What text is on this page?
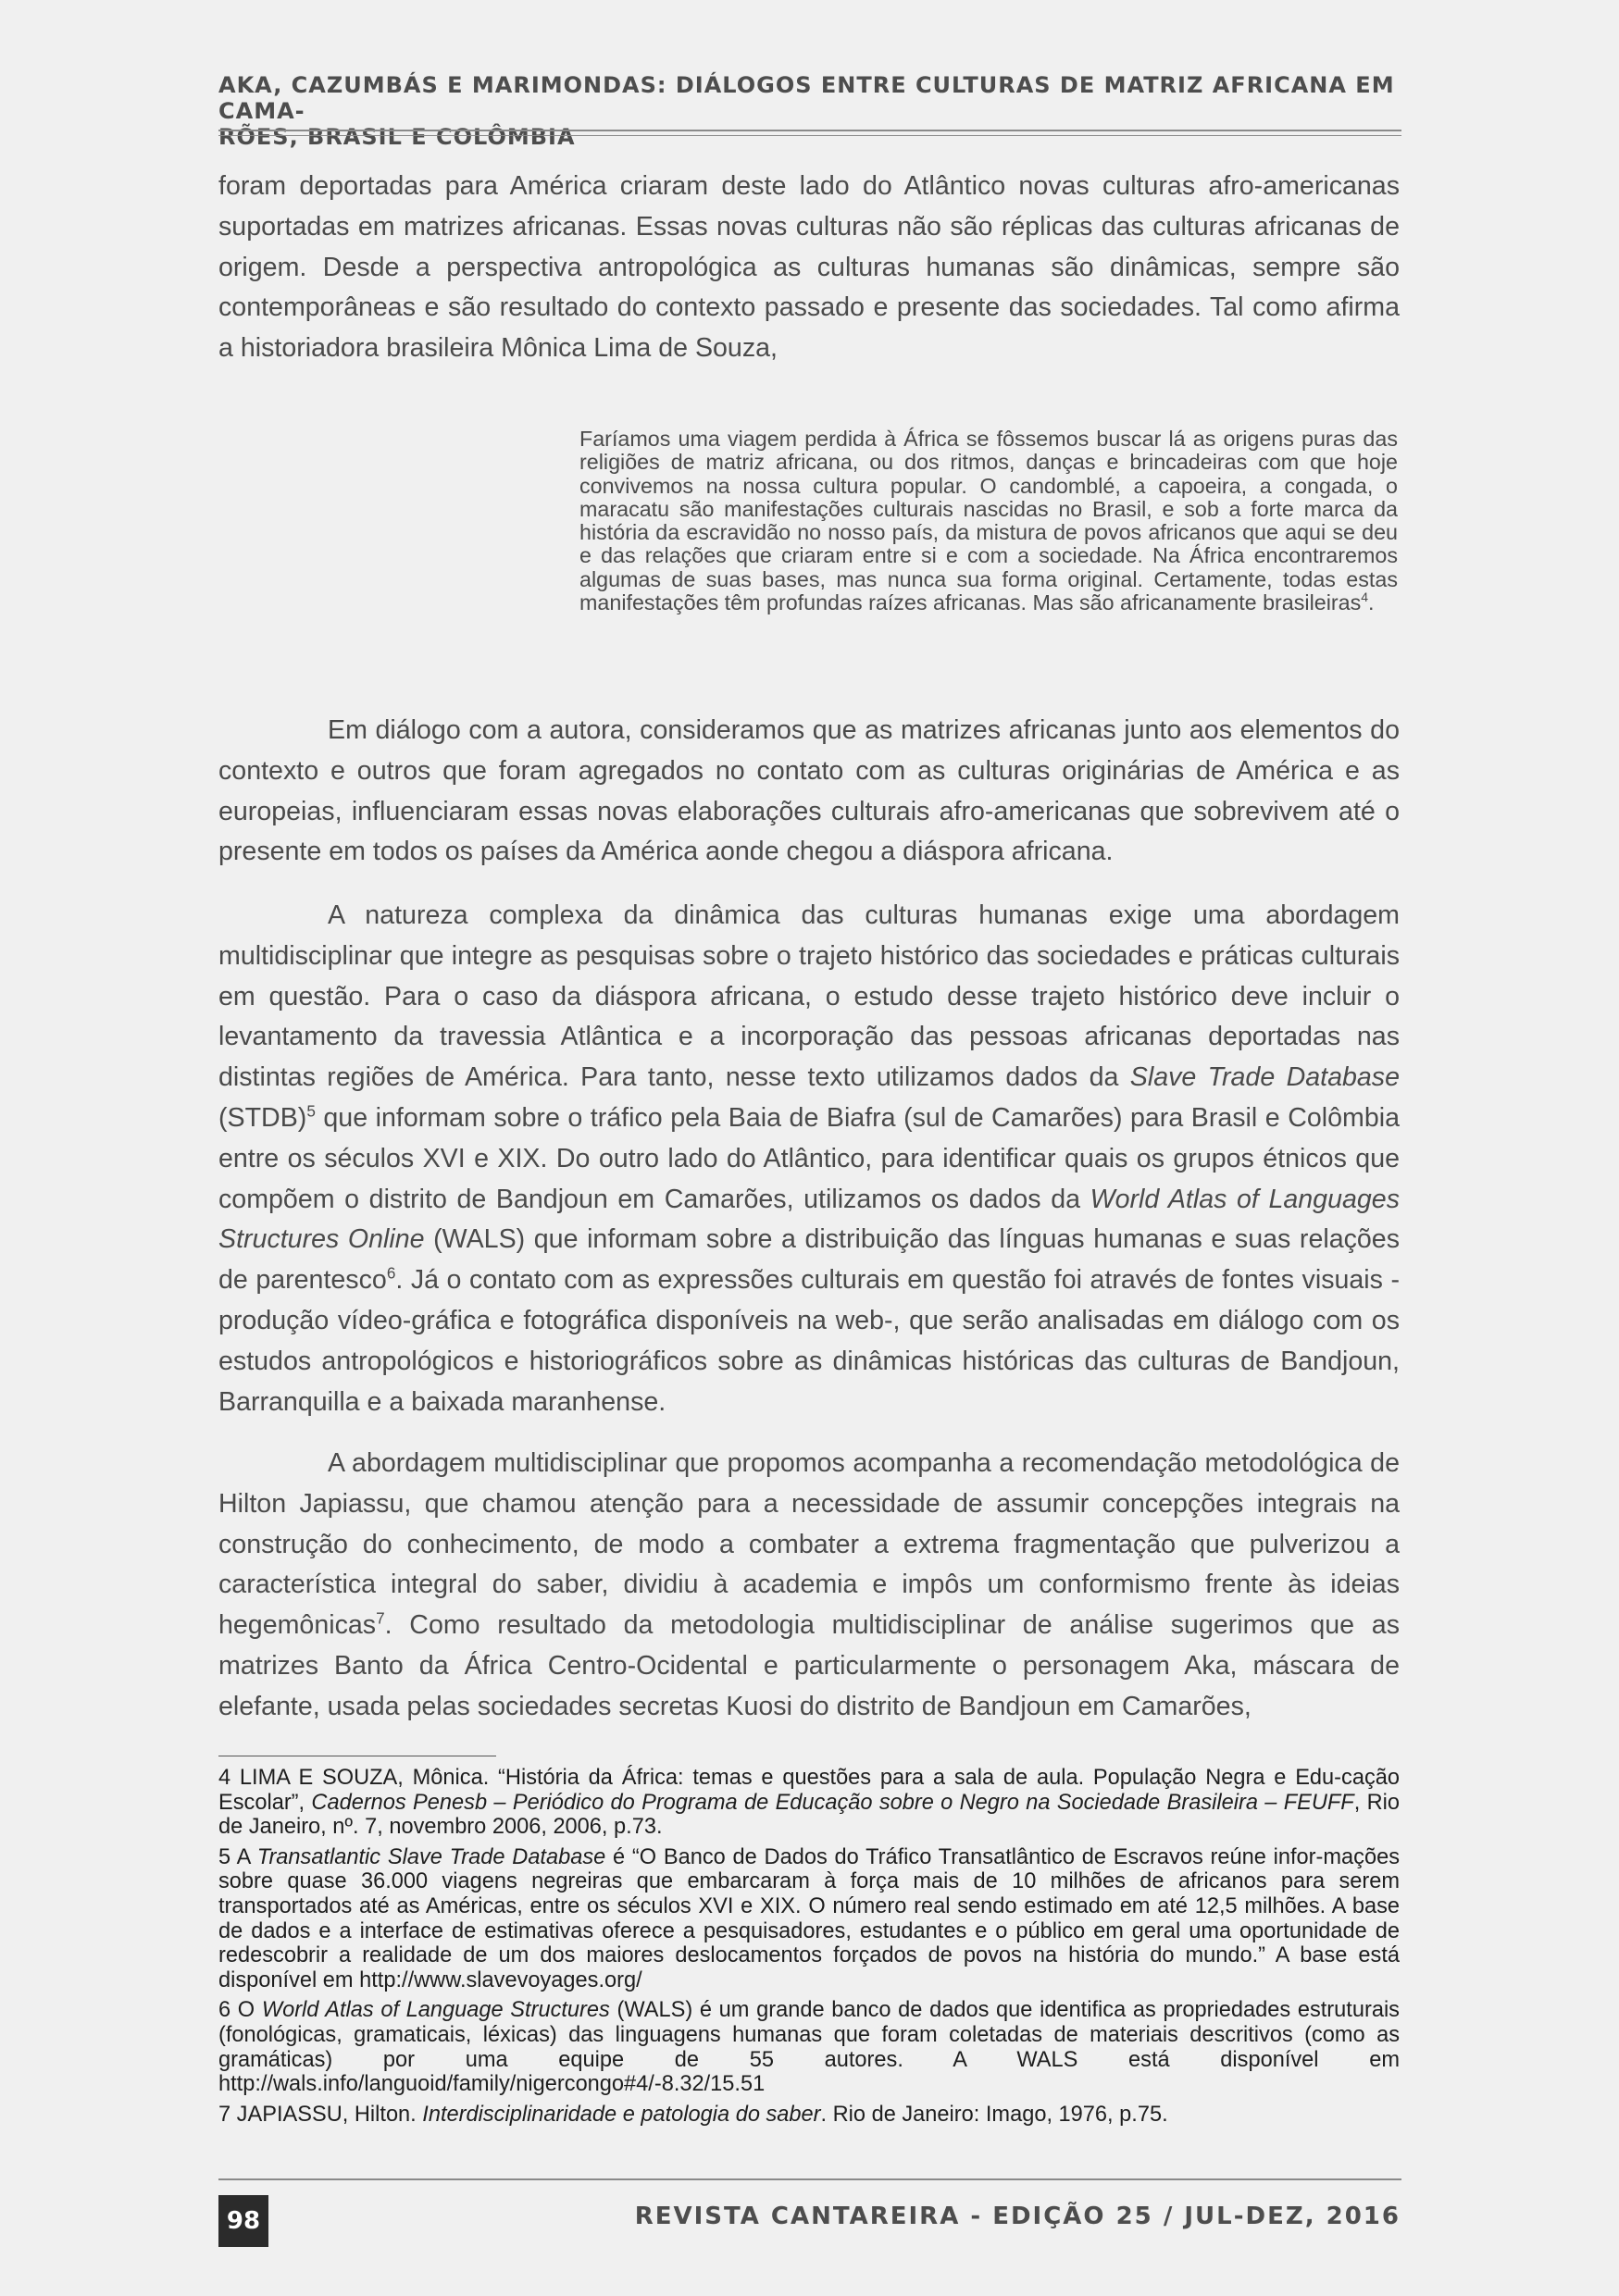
AKA, CAZUMBÁS E MARIMONDAS: DIÁLOGOS ENTRE CULTURAS DE MATRIZ AFRICANA EM CAMA-
RÕES, BRASIL E COLÔMBIA

foram deportadas para América criaram deste lado do Atlântico novas culturas afro-americanas suportadas em matrizes africanas. Essas novas culturas não são réplicas das culturas africanas de origem. Desde a perspectiva antropológica as culturas humanas são dinâmicas, sempre são contemporâneas e são resultado do contexto passado e presente das sociedades. Tal como afirma a historiadora brasileira Mônica Lima de Souza,

Faríamos uma viagem perdida à África se fôssemos buscar lá as origens puras das religiões de matriz africana, ou dos ritmos, danças e brincadeiras com que hoje convivemos na nossa cultura popular. O candomblé, a capoeira, a congada, o maracatu são manifestações culturais nascidas no Brasil, e sob a forte marca da história da escravidão no nosso país, da mistura de povos africanos que aqui se deu e das relações que criaram entre si e com a sociedade. Na África encontraremos algumas de suas bases, mas nunca sua forma original. Certamente, todas estas manifestações têm profundas raízes africanas. Mas são africanamente brasileiras$^4$.

Em diálogo com a autora, consideramos que as matrizes africanas junto aos elementos do contexto e outros que foram agregados no contato com as culturas originárias de América e as europeias, influenciaram essas novas elaborações culturais afro-americanas que sobrevivem até o presente em todos os países da América aonde chegou a diáspora africana.

A natureza complexa da dinâmica das culturas humanas exige uma abordagem multidisciplinar que integre as pesquisas sobre o trajeto histórico das sociedades e práticas culturais em questão. Para o caso da diáspora africana, o estudo desse trajeto histórico deve incluir o levantamento da travessia Atlântica e a incorporação das pessoas africanas deportadas nas distintas regiões de América. Para tanto, nesse texto utilizamos dados da Slave Trade Database (STDB)$^5$ que informam sobre o tráfico pela Baia de Biafra (sul de Camarões) para Brasil e Colômbia entre os séculos XVI e XIX. Do outro lado do Atlântico, para identificar quais os grupos étnicos que compõem o distrito de Bandjoun em Camarões, utilizamos os dados da World Atlas of Languages Structures Online (WALS) que informam sobre a distribuição das línguas humanas e suas relações de parentesco$^6$. Já o contato com as expressões culturais em questão foi através de fontes visuais -produção vídeo-gráfica e fotográfica disponíveis na web-, que serão analisadas em diálogo com os estudos antropológicos e historiográficos sobre as dinâmicas históricas das culturas de Bandjoun, Barranquilla e a baixada maranhense.

A abordagem multidisciplinar que propomos acompanha a recomendação metodológica de Hilton Japiassu, que chamou atenção para a necessidade de assumir concepções integrais na construção do conhecimento, de modo a combater a extrema fragmentação que pulverizou a característica integral do saber, dividiu à academia e impôs um conformismo frente às ideias hegemônicas$^7$. Como resultado da metodologia multidisciplinar de análise sugerimos que as matrizes Banto da África Centro-Ocidental e particularmente o personagem Aka, máscara de elefante, usada pelas sociedades secretas Kuosi do distrito de Bandjoun em Camarões,

4 LIMA E SOUZA, Mônica. “História da África: temas e questões para a sala de aula. População Negra e Edu-cação Escolar”, Cadernos Penesb – Periódico do Programa de Educação sobre o Negro na Sociedade Brasileira – FEUFF, Rio de Janeiro, nº. 7, novembro 2006, 2006, p.73.

5 A Transatlantic Slave Trade Database é “O Banco de Dados do Tráfico Transatlântico de Escravos reúne infor-mações sobre quase 36.000 viagens negreiras que embarcaram à força mais de 10 milhões de africanos para serem transportados até as Américas, entre os séculos XVI e XIX. O número real sendo estimado em até 12,5 milhões. A base de dados e a interface de estimativas oferece a pesquisadores, estudantes e o público em geral uma oportunidade de redescobrir a realidade de um dos maiores deslocamentos forçados de povos na história do mundo.” A base está disponível em http://www.slavevoyages.org/

6 O World Atlas of Language Structures (WALS) é um grande banco de dados que identifica as propriedades estruturais (fonológicas, gramaticais, léxicas) das linguagens humanas que foram coletadas de materiais descritivos (como as gramáticas) por uma equipe de 55 autores. A WALS está disponível em http://wals.info/languoid/family/nigercongo#4/-8.32/15.51

7 JAPIASSU, Hilton. Interdisciplinaridade e patologia do saber. Rio de Janeiro: Imago, 1976, p.75.

98	REVISTA CANTAREIRA - EDIÇÃO 25 / JUL-DEZ, 2016
